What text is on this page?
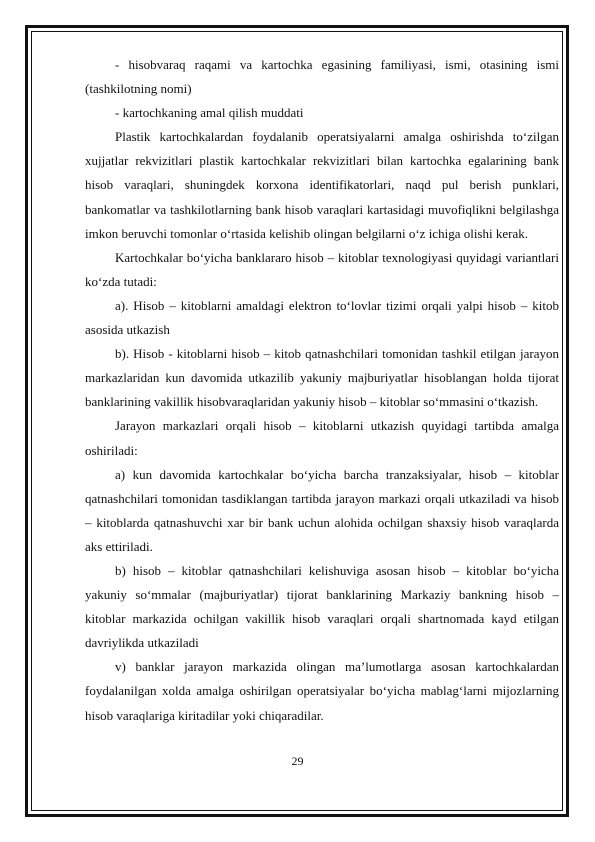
- hisobvaraq raqami va kartochka egasining familiyasi, ismi, otasining ismi (tashkilotning nomi)

- kartochkaning amal qilish muddati

Plastik kartochkalardan foydalanib operatsiyalarni amalga oshirishda to‘zilgan xujjatlar rekvizitlari plastik kartochkalar rekvizitlari bilan kartochka egalarining bank hisob varaqlari, shuningdek korxona identifikatorlari, naqd pul berish punklari, bankomatlar va tashkilotlarning bank hisob varaqlari kartasidagi muvofiqlikni belgilashga imkon beruvchi tomonlar o‘rtasida kelishib olingan belgilarni o‘z ichiga olishi kerak.

Kartochkalar bo‘yicha banklararo hisob – kitoblar texnologiyasi quyidagi variantlari ko‘zda tutadi:

a). Hisob – kitoblarni amaldagi elektron to‘lovlar tizimi orqali yalpi hisob – kitob asosida utkazish

b). Hisob - kitoblarni hisob – kitob qatnashchilari tomonidan tashkil etilgan jarayon markazlaridan kun davomida utkazilib yakuniy majburiyatlar hisoblangan holda tijorat banklarining vakillik hisobvaraqlaridan yakuniy hisob – kitoblar so‘mmasini o‘tkazish.

Jarayon markazlari orqali hisob – kitoblarni utkazish quyidagi tartibda amalga oshiriladi:

a) kun davomida kartochkalar bo‘yicha barcha tranzaksiyalar, hisob – kitoblar qatnashchilari tomonidan tasdiklangan tartibda jarayon markazi orqali utkaziladi va hisob – kitoblarda qatnashuvchi xar bir bank uchun alohida ochilgan shaxsiy hisob varaqlarda aks ettiriladi.

b) hisob – kitoblar qatnashchilari kelishuviga asosan hisob – kitoblar bo‘yicha yakuniy so‘mmalar (majburiyatlar) tijorat banklarining Markaziy bankning hisob – kitoblar markazida ochilgan vakillik hisob varaqlari orqali shartnomada kayd etilgan davriylikda utkaziladi

v) banklar jarayon markazida olingan ma’lumotlarga asosan kartochkalardan foydalanilgan xolda amalga oshirilgan operatsiyalar bo‘yicha mablag‘larni mijozlarning hisob varaqlariga kiritadilar yoki chiqaradilar.

29
